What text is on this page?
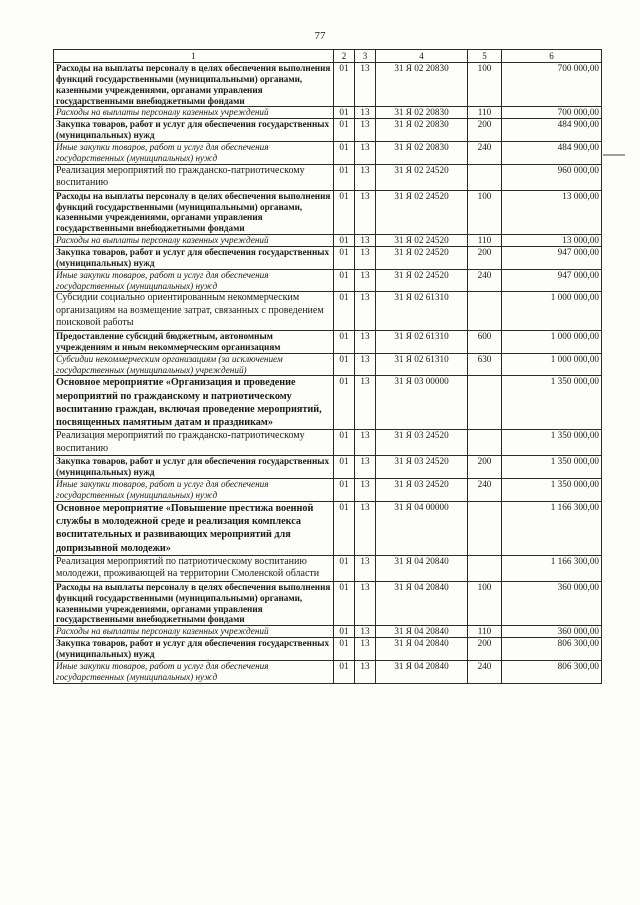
77
1	2	3	4	5	6
Расходы на выплаты персоналу в целях обеспечения выполнения функций государственными (муниципальными) органами, казенными учреждениями, органами управления государственными внебюджетными фондами	01	13	31 Я 02 20830	100	700 000,00
Расходы на выплаты персоналу казенных учреждений	01	13	31 Я 02 20830	110	700 000,00
Закупка товаров, работ и услуг для обеспечения государственных (муниципальных) нужд	01	13	31 Я 02 20830	200	484 900,00
Иные закупки товаров, работ и услуг для обеспечения государственных (муниципальных) нужд	01	13	31 Я 02 20830	240	484 900,00
Реализация мероприятий по гражданско-патриотическому воспитанию	01	13	31 Я 02 24520		960 000,00
Расходы на выплаты персоналу в целях обеспечения выполнения функций государственными (муниципальными) органами, казенными учреждениями, органами управления государственными внебюджетными фондами	01	13	31 Я 02 24520	100	13 000,00
Расходы на выплаты персоналу казенных учреждений	01	13	31 Я 02 24520	110	13 000,00
Закупка товаров, работ и услуг для обеспечения государственных (муниципальных) нужд	01	13	31 Я 02 24520	200	947 000,00
Иные закупки товаров, работ и услуг для обеспечения государственных (муниципальных) нужд	01	13	31 Я 02 24520	240	947 000,00
Субсидии социально ориентированным некоммерческим организациям на возмещение затрат, связанных с проведением поисковой работы	01	13	31 Я 02 61310		1 000 000,00
Предоставление субсидий бюджетным, автономным учреждениям и иным некоммерческим организациям	01	13	31 Я 02 61310	600	1 000 000,00
Субсидии некоммерческим организациям (за исключением государственных (муниципальных) учреждений)	01	13	31 Я 02 61310	630	1 000 000,00
Основное мероприятие «Организация и проведение мероприятий по гражданскому и патриотическому воспитанию граждан, включая проведение мероприятий, посвященных памятным датам и праздникам»	01	13	31 Я 03 00000		1 350 000,00
Реализация мероприятий по гражданско-патриотическому воспитанию	01	13	31 Я 03 24520		1 350 000,00
Закупка товаров, работ и услуг для обеспечения государственных (муниципальных) нужд	01	13	31 Я 03 24520	200	1 350 000,00
Иные закупки товаров, работ и услуг для обеспечения государственных (муниципальных) нужд	01	13	31 Я 03 24520	240	1 350 000,00
Основное мероприятие «Повышение престижа военной службы в молодежной среде и реализация комплекса воспитательных и развивающих мероприятий для допризывной молодежи»	01	13	31 Я 04 00000		1 166 300,00
Реализация мероприятий по патриотическому воспитанию молодежи, проживающей на территории Смоленской области	01	13	31 Я 04 20840		1 166 300,00
Расходы на выплаты персоналу в целях обеспечения выполнения функций государственными (муниципальными) органами, казенными учреждениями, органами управления государственными внебюджетными фондами	01	13	31 Я 04 20840	100	360 000,00
Расходы на выплаты персоналу казенных учреждений	01	13	31 Я 04 20840	110	360 000,00
Закупка товаров, работ и услуг для обеспечения государственных (муниципальных) нужд	01	13	31 Я 04 20840	200	806 300,00
Иные закупки товаров, работ и услуг для обеспечения государственных (муниципальных) нужд	01	13	31 Я 04 20840	240	806 300,00
